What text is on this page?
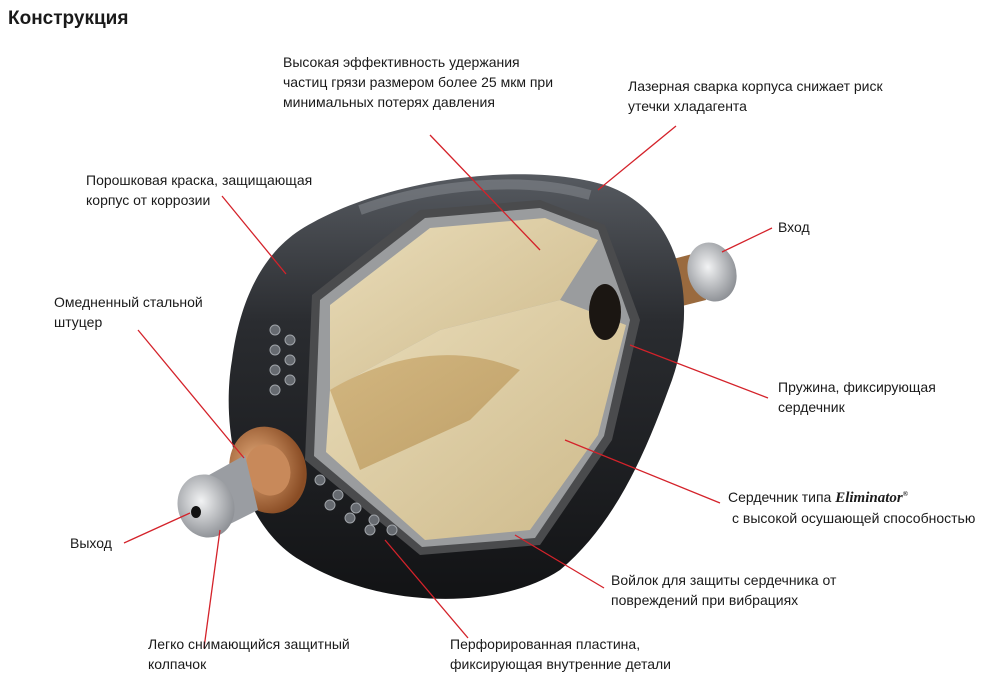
Конструкция
Высокая эффективность удержания
частиц грязи размером более 25 мкм при
минимальных потерях давления
Лазерная сварка корпуса снижает риск
утечки хладагента
Порошковая краска, защищающая
корпус от коррозии
Вход
Омедненный стальной
штуцер
Пружина, фиксирующая
сердечник
Сердечник типа Eliminator®
с высокой осушающей способностью
Выход
Войлок для защиты сердечника от
повреждений при вибрациях
Легко снимающийся защитный
колпачок
Перфорированная пластина,
фиксирующая внутренние детали
